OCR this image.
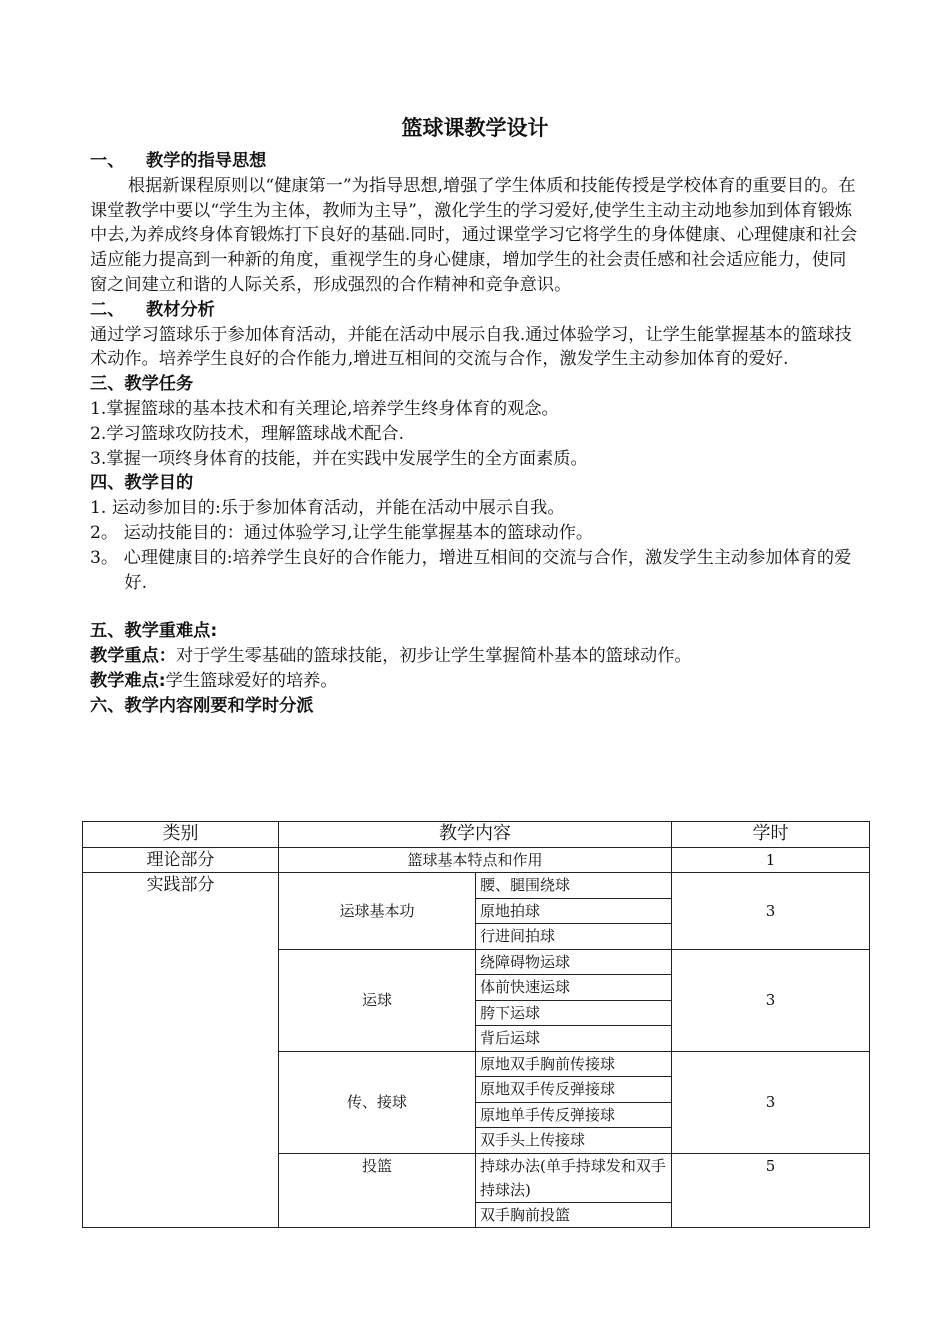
篮球课教学设计
一、 教学的指导思想

根据新课程原则以“健康第一”为指导思想,增强了学生体质和技能传授是学校体育的重要目的。在课堂教学中要以“学生为主体，教师为主导”，激化学生的学习爱好,使学生主动主动地参加到体育锻炼中去,为养成终身体育锻炼打下良好的基础.同时，通过课堂学习它将学生的身体健康、心理健康和社会适应能力提高到一种新的角度，重视学生的身心健康，增加学生的社会责任感和社会适应能力，使同窗之间建立和谐的人际关系，形成强烈的合作精神和竞争意识。

二、 教材分析

通过学习篮球乐于参加体育活动，并能在活动中展示自我.通过体验学习，让学生能掌握基本的篮球技术动作。培养学生良好的合作能力,增进互相间的交流与合作，激发学生主动参加体育的爱好.

三、教学任务

1.掌握篮球的基本技术和有关理论,培养学生终身体育的观念。

2.学习篮球攻防技术，理解篮球战术配合.

3.掌握一项终身体育的技能，并在实践中发展学生的全方面素质。

四、教学目的

1. 运动参加目的:乐于参加体育活动，并能在活动中展示自我。

2。 运动技能目的：通过体验学习,让学生能掌握基本的篮球动作。

3。 心理健康目的:培养学生良好的合作能力，增进互相间的交流与合作，激发学生主动参加体育的爱好.

五、教学重难点:

教学重点：对于学生零基础的篮球技能，初步让学生掌握简朴基本的篮球动作。

教学难点:学生篮球爱好的培养。

六、教学内容刚要和学时分派
类别	教学内容		学时
理论部分	篮球基本特点和作用		1
实践部分	运球基本功	腰、腿围绕球	3
		原地拍球	
		行进间拍球	
	运球	绕障碍物运球	3
		体前快速运球	
		胯下运球	
		背后运球	
	传、接球	原地双手胸前传接球	3
		原地双手传反弹接球	
		原地单手传反弹接球	
		双手头上传接球	
	投篮	持球办法(单手持球发和双手持球法)	5

		双手胸前投篮	
